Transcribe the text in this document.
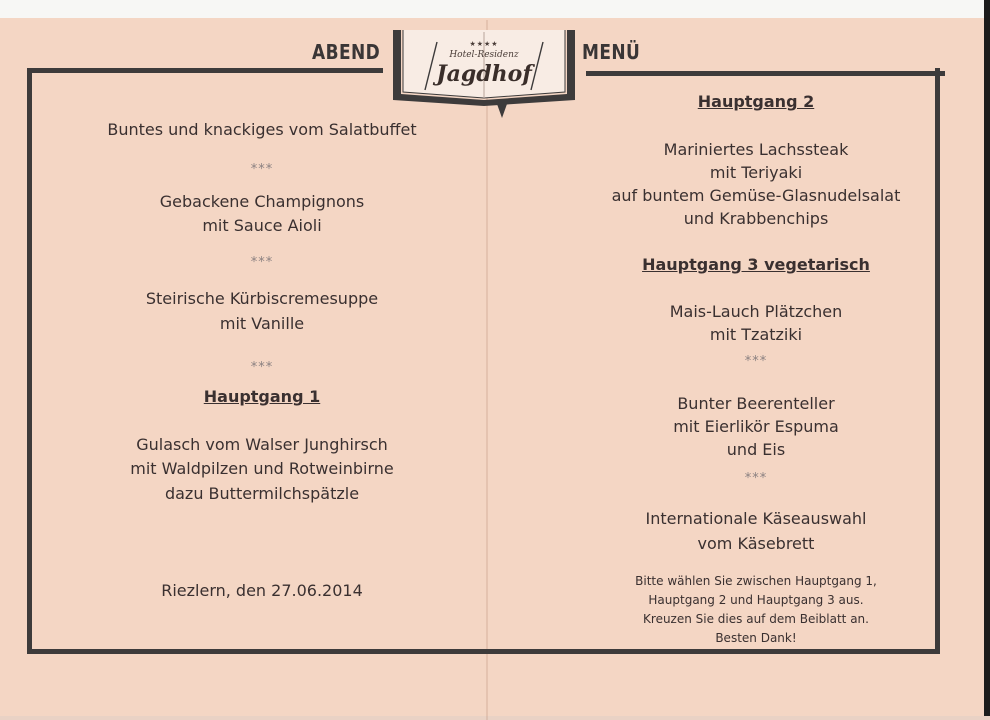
ABEND	MENÜ
★★★★
Hotel-Residenz
Jagdhof
Buntes und knackiges vom Salatbuffet
***
Gebackene Champignons
mit Sauce Aioli
***
Steirische Kürbiscremesuppe
mit Vanille
***
Hauptgang 1
Gulasch vom Walser Junghirsch
mit Waldpilzen und Rotweinbirne
dazu Buttermilchspätzle
Riezlern, den 27.06.2014
Hauptgang 2
Mariniertes Lachssteak
mit Teriyaki
auf buntem Gemüse-Glasnudelsalat
und Krabbenchips
Hauptgang 3 vegetarisch
Mais-Lauch Plätzchen
mit Tzatziki
***
Bunter Beerenteller
mit Eierlikör Espuma
und Eis
***
Internationale Käseauswahl
vom Käsebrett
Bitte wählen Sie zwischen Hauptgang 1,
Hauptgang 2 und Hauptgang 3 aus.
Kreuzen Sie dies auf dem Beiblatt an.
Besten Dank!
